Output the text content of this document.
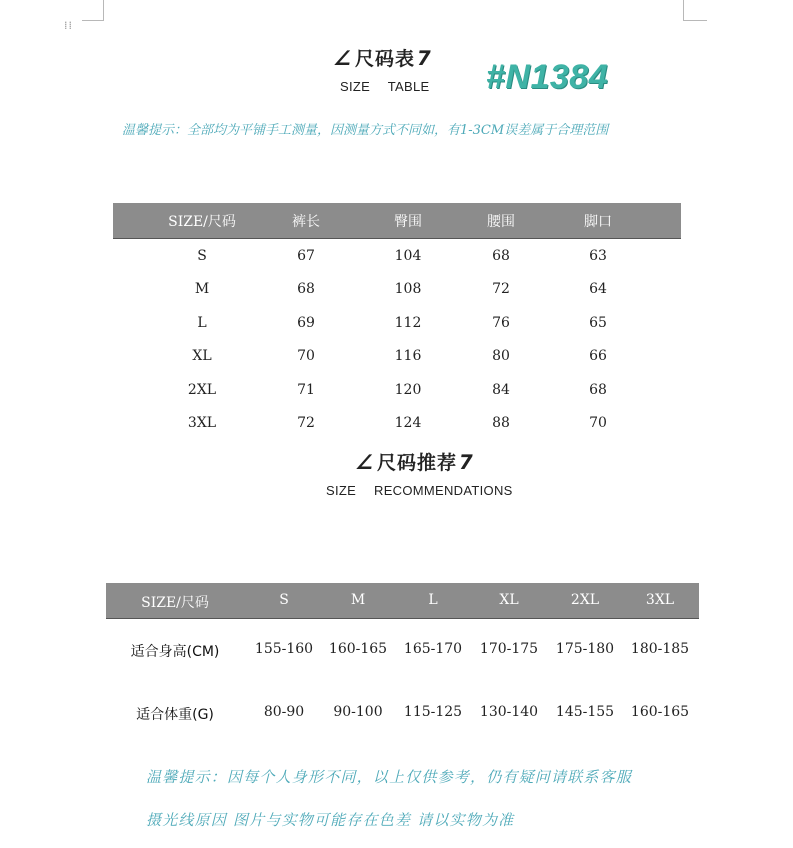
⁞⁞
∠ 尺码表 7
SIZE TABLE #N1384
温馨提示：全部均为平铺手工测量，因测量方式不同如，有1-3CM误差属于合理范围
SIZE/尺码	裤长	臀围	腰围	脚口
S	67	104	68	63
M	68	108	72	64
L	69	112	76	65
XL	70	116	80	66
2XL	71	120	84	68
3XL	72	124	88	70
∠ 尺码推荐 7
SIZE RECOMMENDATIONS
SIZE/尺码	S	M	L	XL	2XL	3XL
适合身高(CM)	155-160 160-165 165-170 170-175 175-180 180-185
适合体重(G)	80-90 90-100 115-125 130-140 145-155 160-165
温馨提示：因每个人身形不同，以上仅供参考，仍有疑问请联系客服
摄光线原因 图片与实物可能存在色差 请以实物为准
